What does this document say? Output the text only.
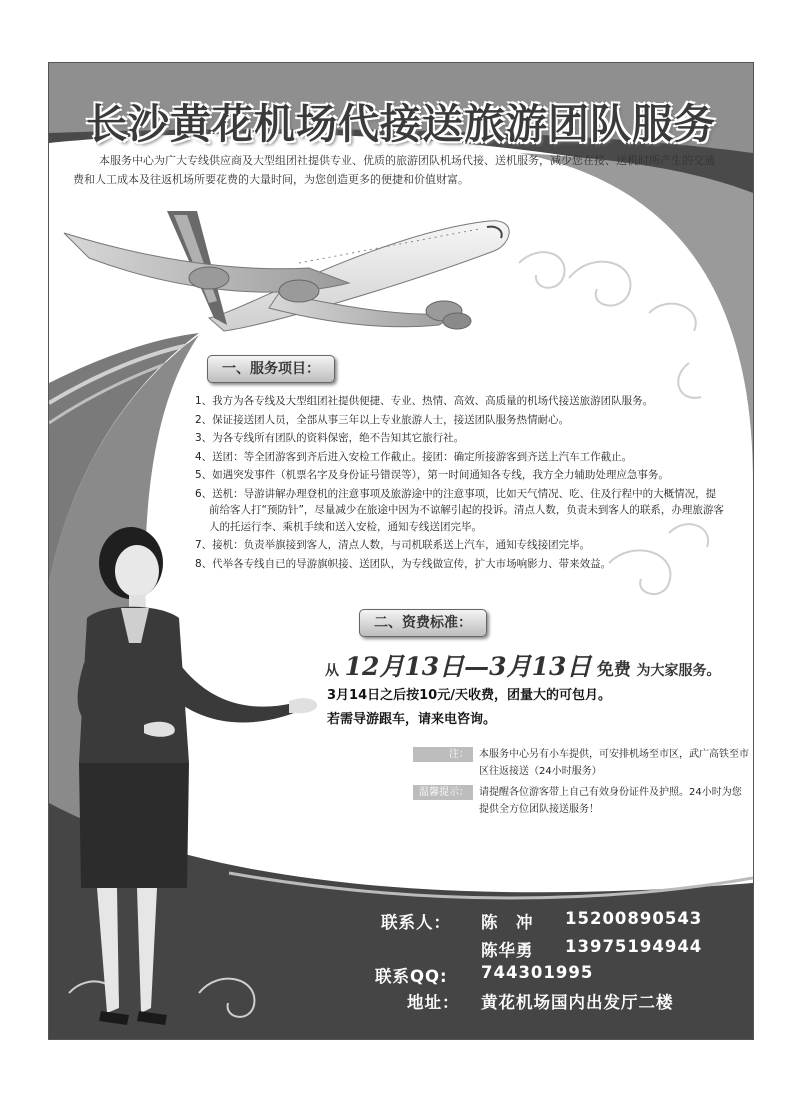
长沙黄花机场代接送旅游团队服务
本服务中心为广大专线供应商及大型组团社提供专业、优质的旅游团队机场代接、送机服务，减少您在接、送机时所产生的交通费和人工成本及往返机场所要花费的大量时间，为您创造更多的便捷和价值财富。
一、服务项目：
1、我方为各专线及大型组团社提供便捷、专业、热情、高效、高质量的机场代接送旅游团队服务。
2、保证接送团人员，全部从事三年以上专业旅游人士，接送团队服务热情耐心。
3、为各专线所有团队的资料保密，绝不告知其它旅行社。
4、送团：等全团游客到齐后进入安检工作截止。接团：确定所接游客到齐送上汽车工作截止。
5、如遇突发事件（机票名字及身份证号错误等），第一时间通知各专线，我方全力辅助处理应急事务。
6、送机：导游讲解办理登机的注意事项及旅游途中的注意事项，比如天气情况、吃、住及行程中的大概情况，提前给客人打“预防针”，尽量减少在旅途中因为不谅解引起的投诉。清点人数，负责未到客人的联系，办理旅游客人的托运行李、乘机手续和送入安检，通知专线送团完毕。
7、接机：负责举旗接到客人，清点人数，与司机联系送上汽车，通知专线接团完毕。
8、代举各专线自已的导游旗帜接、送团队，为专线做宣传，扩大市场响影力、带来效益。
二、资费标准：
从 12月13日—3月13日 免费 为大家服务。
3月14日之后按10元/天收费，团量大的可包月。
若需导游跟车，请来电咨询。
注：	本服务中心另有小车提供，可安排机场至市区，武广高铁至市区往返接送（24小时服务）
温馨提示：	请提醒各位游客带上自己有效身份证件及护照。24小时为您提供全方位团队接送服务！
联系人： 陈　冲 15200890543
陈华勇 13975194944
联系QQ: 744301995
地址： 黄花机场国内出发厅二楼
